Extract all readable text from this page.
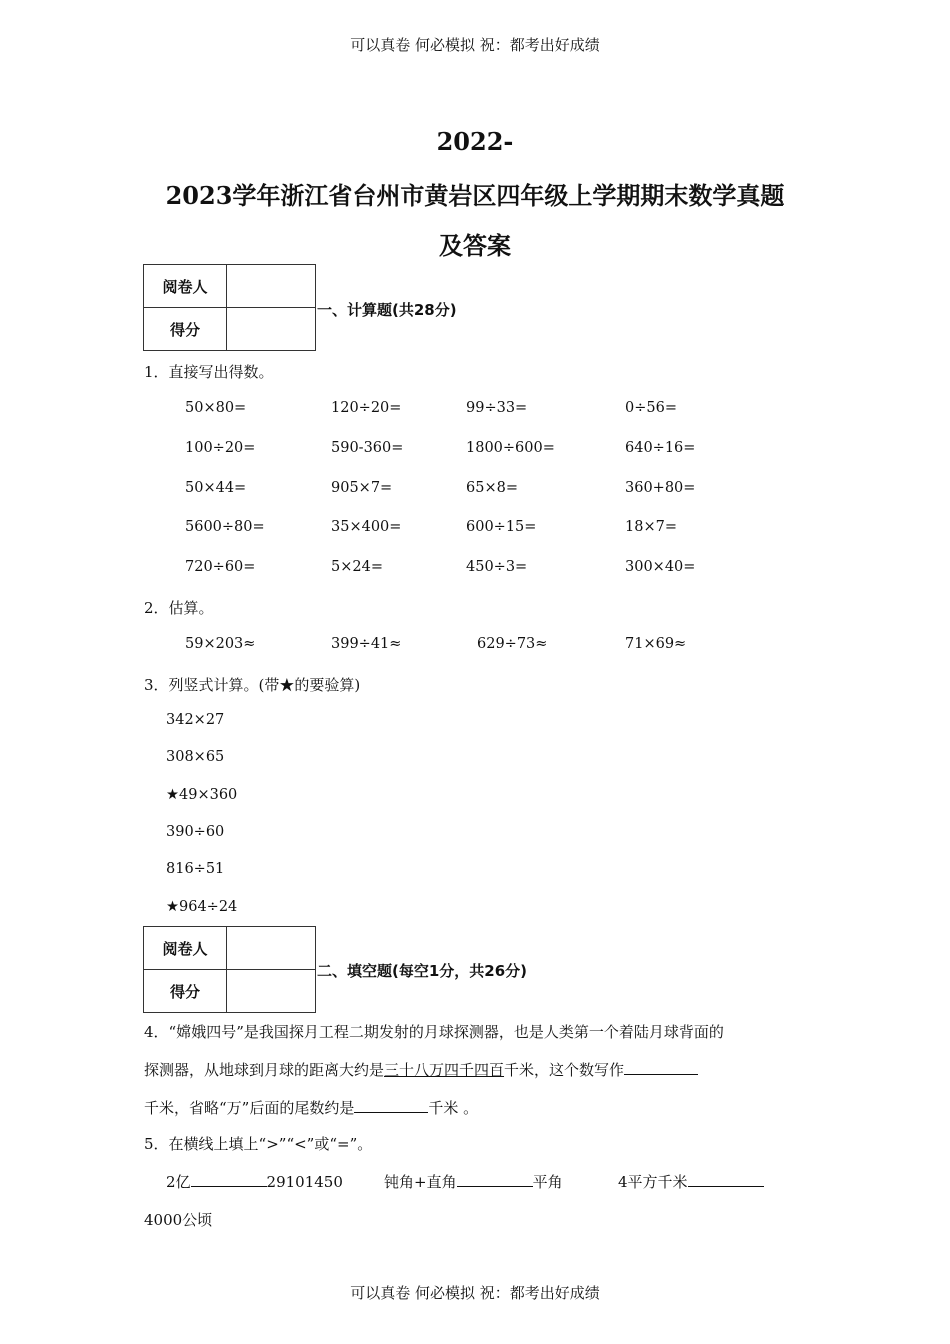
可以真卷 何必模拟 祝：都考出好成绩
2022-
2023学年浙江省台州市黄岩区四年级上学期期末数学真题
及答案
阅卷人	
得分	
一、计算题(共28分)
1．直接写出得数。
50×80=	120÷20=	99÷33=	0÷56=
100÷20=	590-360=	1800÷600=	640÷16=
50×44=	905×7=	65×8=	360+80=
5600÷80=	35×400=	600÷15=	18×7=
720÷60=	5×24=	450÷3=	300×40=
2．估算。
59×203≈	399÷41≈	629÷73≈	71×69≈
3．列竖式计算。(带★的要验算)
342×27
308×65
★49×360
390÷60
816÷51
★964÷24
阅卷人	
得分	
二、填空题(每空1分，共26分)
4．“嫦娥四号”是我国探月工程二期发射的月球探测器，也是人类第一个着陆月球背面的
探测器，从地球到月球的距离大约是三十八万四千四百千米，这个数写作
千米，省略“万”后面的尾数约是	千米 。
5．在横线上填上“>”“<”或“=”。
2亿	29101450	钝角+直角	平角	4平方千米
4000公顷
可以真卷 何必模拟 祝：都考出好成绩
